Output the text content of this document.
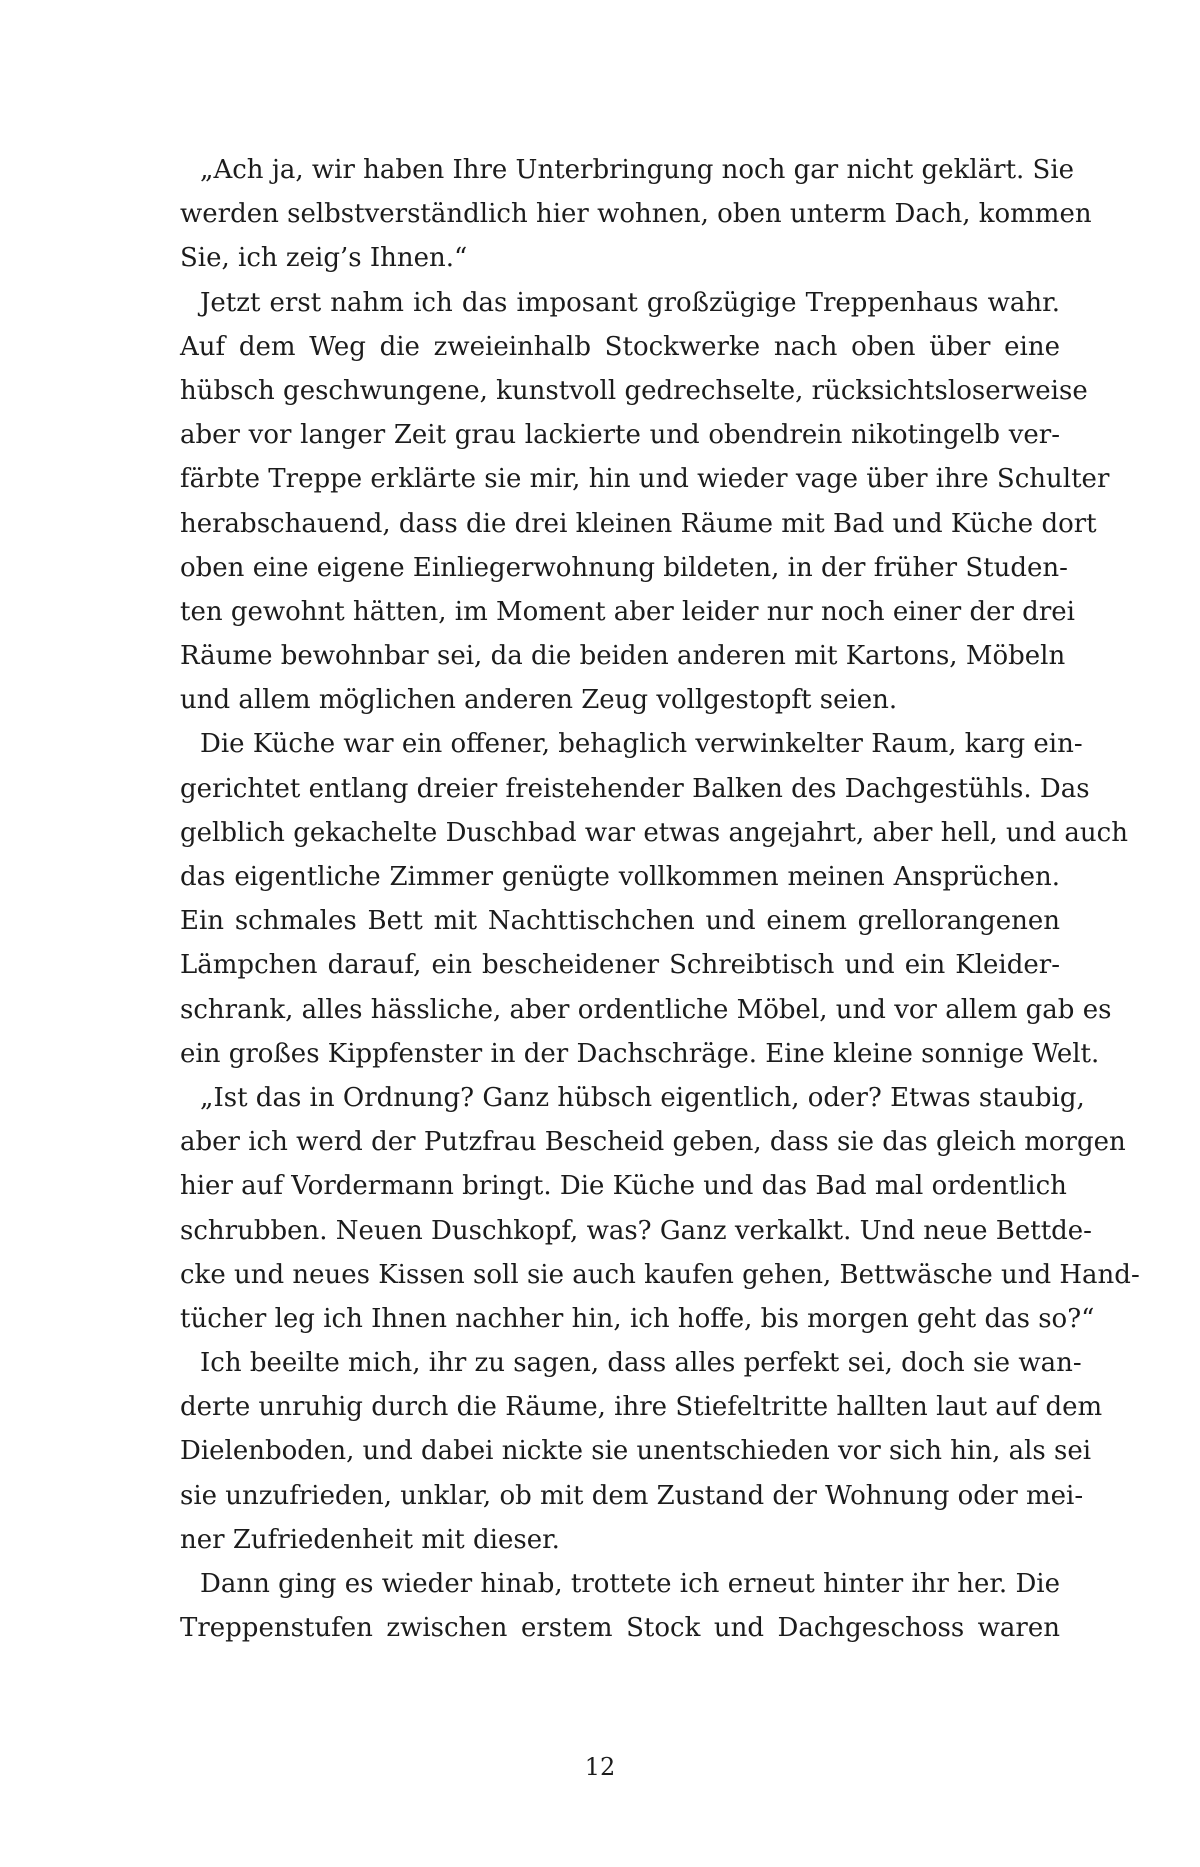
„Ach ja, wir haben Ihre Unterbringung noch gar nicht geklärt. Sie
werden selbstverständlich hier wohnen, oben unterm Dach, kommen
Sie, ich zeig’s Ihnen.“
Jetzt erst nahm ich das imposant großzügige Treppenhaus wahr.
Auf dem Weg die zweieinhalb Stockwerke nach oben über eine
hübsch geschwungene, kunstvoll gedrechselte, rücksichtsloserweise
aber vor langer Zeit grau lackierte und obendrein nikotingelb ver-
färbte Treppe erklärte sie mir, hin und wieder vage über ihre Schulter
herabschauend, dass die drei kleinen Räume mit Bad und Küche dort
oben eine eigene Einliegerwohnung bildeten, in der früher Studen-
ten gewohnt hätten, im Moment aber leider nur noch einer der drei
Räume bewohnbar sei, da die beiden anderen mit Kartons, Möbeln
und allem möglichen anderen Zeug vollgestopft seien.
Die Küche war ein offener, behaglich verwinkelter Raum, karg ein-
gerichtet entlang dreier freistehender Balken des Dachgestühls. Das
gelblich gekachelte Duschbad war etwas angejahrt, aber hell, und auch
das eigentliche Zimmer genügte vollkommen meinen Ansprüchen.
Ein schmales Bett mit Nachttischchen und einem grellorangenen
Lämpchen darauf, ein bescheidener Schreibtisch und ein Kleider-
schrank, alles hässliche, aber ordentliche Möbel, und vor allem gab es
ein großes Kippfenster in der Dachschräge. Eine kleine sonnige Welt.
„Ist das in Ordnung? Ganz hübsch eigentlich, oder? Etwas staubig,
aber ich werd der Putzfrau Bescheid geben, dass sie das gleich morgen
hier auf Vordermann bringt. Die Küche und das Bad mal ordentlich
schrubben. Neuen Duschkopf, was? Ganz verkalkt. Und neue Bettde-
cke und neues Kissen soll sie auch kaufen gehen, Bettwäsche und Hand-
tücher leg ich Ihnen nachher hin, ich hoffe, bis morgen geht das so?“
Ich beeilte mich, ihr zu sagen, dass alles perfekt sei, doch sie wan-
derte unruhig durch die Räume, ihre Stiefeltritte hallten laut auf dem
Dielenboden, und dabei nickte sie unentschieden vor sich hin, als sei
sie unzufrieden, unklar, ob mit dem Zustand der Wohnung oder mei-
ner Zufriedenheit mit dieser.
Dann ging es wieder hinab, trottete ich erneut hinter ihr her. Die
Treppenstufen zwischen erstem Stock und Dachgeschoss waren
12
